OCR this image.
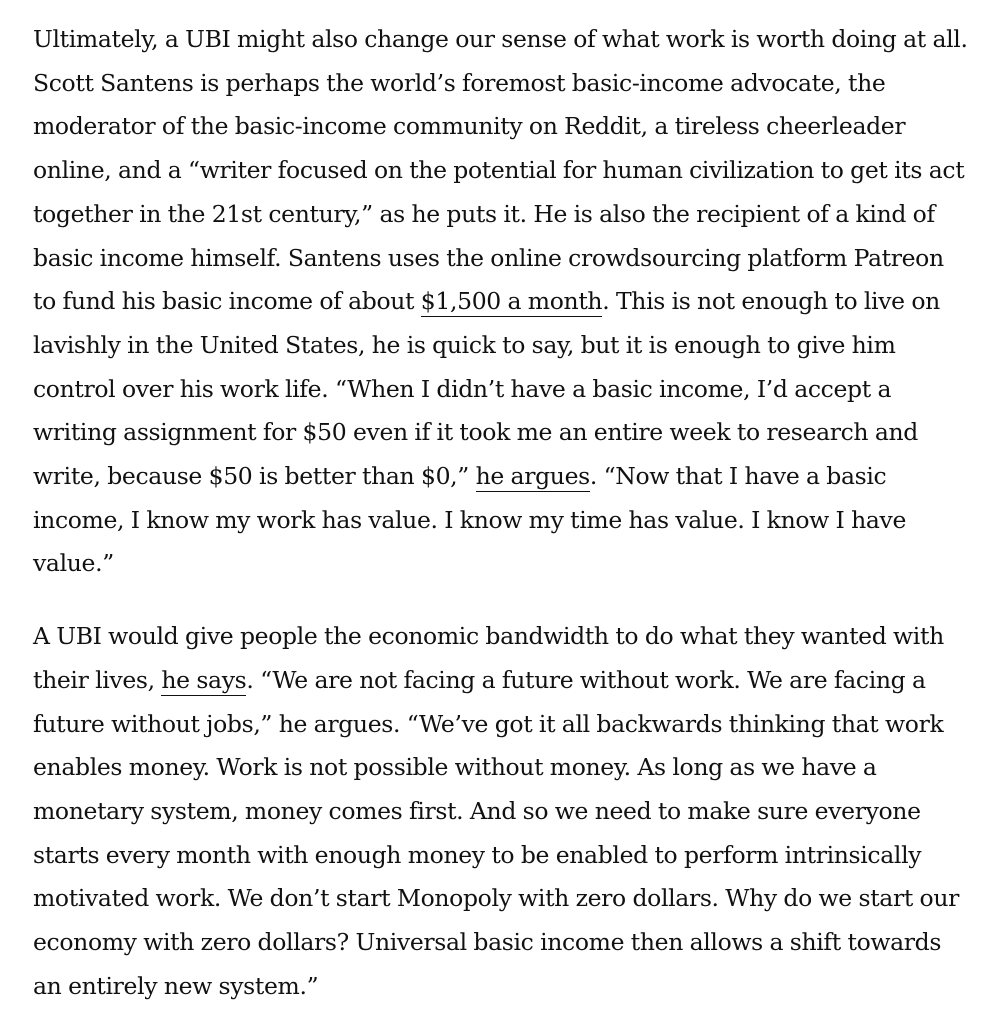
Ultimately, a UBI might also change our sense of what work is worth doing at all. Scott Santens is perhaps the world’s foremost basic-income advocate, the moderator of the basic-income community on Reddit, a tireless cheerleader online, and a “writer focused on the potential for human civilization to get its act together in the 21st century,” as he puts it. He is also the recipient of a kind of basic income himself. Santens uses the online crowdsourcing platform Patreon to fund his basic income of about $1,500 a month. This is not enough to live on lavishly in the United States, he is quick to say, but it is enough to give him control over his work life. “When I didn’t have a basic income, I’d accept a writing assignment for $50 even if it took me an entire week to research and write, because $50 is better than $0,” he argues. “Now that I have a basic income, I know my work has value. I know my time has value. I know I have value.”

A UBI would give people the economic bandwidth to do what they wanted with their lives, he says. “We are not facing a future without work. We are facing a future without jobs,” he argues. “We’ve got it all backwards thinking that work enables money. Work is not possible without money. As long as we have a monetary system, money comes first. And so we need to make sure everyone starts every month with enough money to be enabled to perform intrinsically motivated work. We don’t start Monopoly with zero dollars. Why do we start our economy with zero dollars? Universal basic income then allows a shift towards an entirely new system.”
